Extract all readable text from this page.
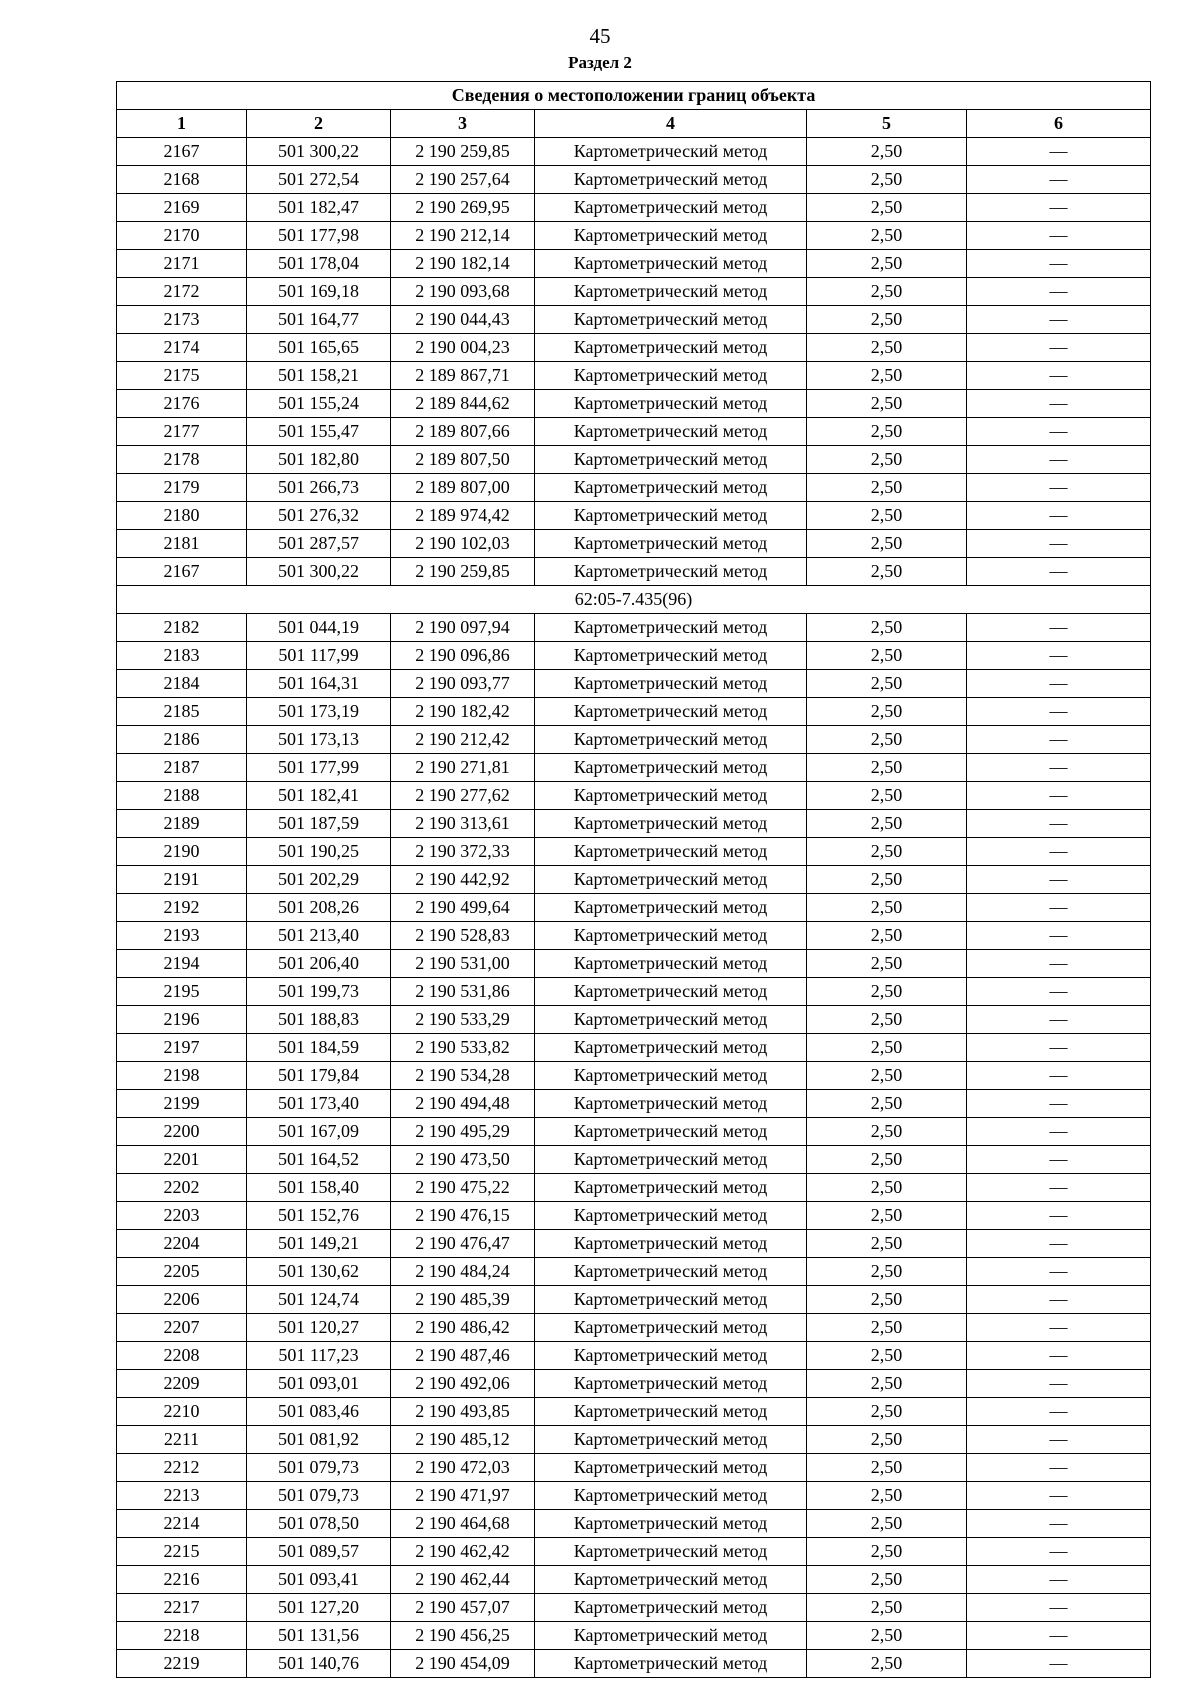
45
Раздел 2
Сведения о местоположении границ объекта					
1	2	3	4	5	6
2167	501 300,22	2 190 259,85	Картометрический метод	2,50	—
2168	501 272,54	2 190 257,64	Картометрический метод	2,50	—
2169	501 182,47	2 190 269,95	Картометрический метод	2,50	—
2170	501 177,98	2 190 212,14	Картометрический метод	2,50	—
2171	501 178,04	2 190 182,14	Картометрический метод	2,50	—
2172	501 169,18	2 190 093,68	Картометрический метод	2,50	—
2173	501 164,77	2 190 044,43	Картометрический метод	2,50	—
2174	501 165,65	2 190 004,23	Картометрический метод	2,50	—
2175	501 158,21	2 189 867,71	Картометрический метод	2,50	—
2176	501 155,24	2 189 844,62	Картометрический метод	2,50	—
2177	501 155,47	2 189 807,66	Картометрический метод	2,50	—
2178	501 182,80	2 189 807,50	Картометрический метод	2,50	—
2179	501 266,73	2 189 807,00	Картометрический метод	2,50	—
2180	501 276,32	2 189 974,42	Картометрический метод	2,50	—
2181	501 287,57	2 190 102,03	Картометрический метод	2,50	—
2167	501 300,22	2 190 259,85	Картометрический метод	2,50	—
62:05-7.435(96)					
2182	501 044,19	2 190 097,94	Картометрический метод	2,50	—
2183	501 117,99	2 190 096,86	Картометрический метод	2,50	—
2184	501 164,31	2 190 093,77	Картометрический метод	2,50	—
2185	501 173,19	2 190 182,42	Картометрический метод	2,50	—
2186	501 173,13	2 190 212,42	Картометрический метод	2,50	—
2187	501 177,99	2 190 271,81	Картометрический метод	2,50	—
2188	501 182,41	2 190 277,62	Картометрический метод	2,50	—
2189	501 187,59	2 190 313,61	Картометрический метод	2,50	—
2190	501 190,25	2 190 372,33	Картометрический метод	2,50	—
2191	501 202,29	2 190 442,92	Картометрический метод	2,50	—
2192	501 208,26	2 190 499,64	Картометрический метод	2,50	—
2193	501 213,40	2 190 528,83	Картометрический метод	2,50	—
2194	501 206,40	2 190 531,00	Картометрический метод	2,50	—
2195	501 199,73	2 190 531,86	Картометрический метод	2,50	—
2196	501 188,83	2 190 533,29	Картометрический метод	2,50	—
2197	501 184,59	2 190 533,82	Картометрический метод	2,50	—
2198	501 179,84	2 190 534,28	Картометрический метод	2,50	—
2199	501 173,40	2 190 494,48	Картометрический метод	2,50	—
2200	501 167,09	2 190 495,29	Картометрический метод	2,50	—
2201	501 164,52	2 190 473,50	Картометрический метод	2,50	—
2202	501 158,40	2 190 475,22	Картометрический метод	2,50	—
2203	501 152,76	2 190 476,15	Картометрический метод	2,50	—
2204	501 149,21	2 190 476,47	Картометрический метод	2,50	—
2205	501 130,62	2 190 484,24	Картометрический метод	2,50	—
2206	501 124,74	2 190 485,39	Картометрический метод	2,50	—
2207	501 120,27	2 190 486,42	Картометрический метод	2,50	—
2208	501 117,23	2 190 487,46	Картометрический метод	2,50	—
2209	501 093,01	2 190 492,06	Картометрический метод	2,50	—
2210	501 083,46	2 190 493,85	Картометрический метод	2,50	—
2211	501 081,92	2 190 485,12	Картометрический метод	2,50	—
2212	501 079,73	2 190 472,03	Картометрический метод	2,50	—
2213	501 079,73	2 190 471,97	Картометрический метод	2,50	—
2214	501 078,50	2 190 464,68	Картометрический метод	2,50	—
2215	501 089,57	2 190 462,42	Картометрический метод	2,50	—
2216	501 093,41	2 190 462,44	Картометрический метод	2,50	—
2217	501 127,20	2 190 457,07	Картометрический метод	2,50	—
2218	501 131,56	2 190 456,25	Картометрический метод	2,50	—
2219	501 140,76	2 190 454,09	Картометрический метод	2,50	—
